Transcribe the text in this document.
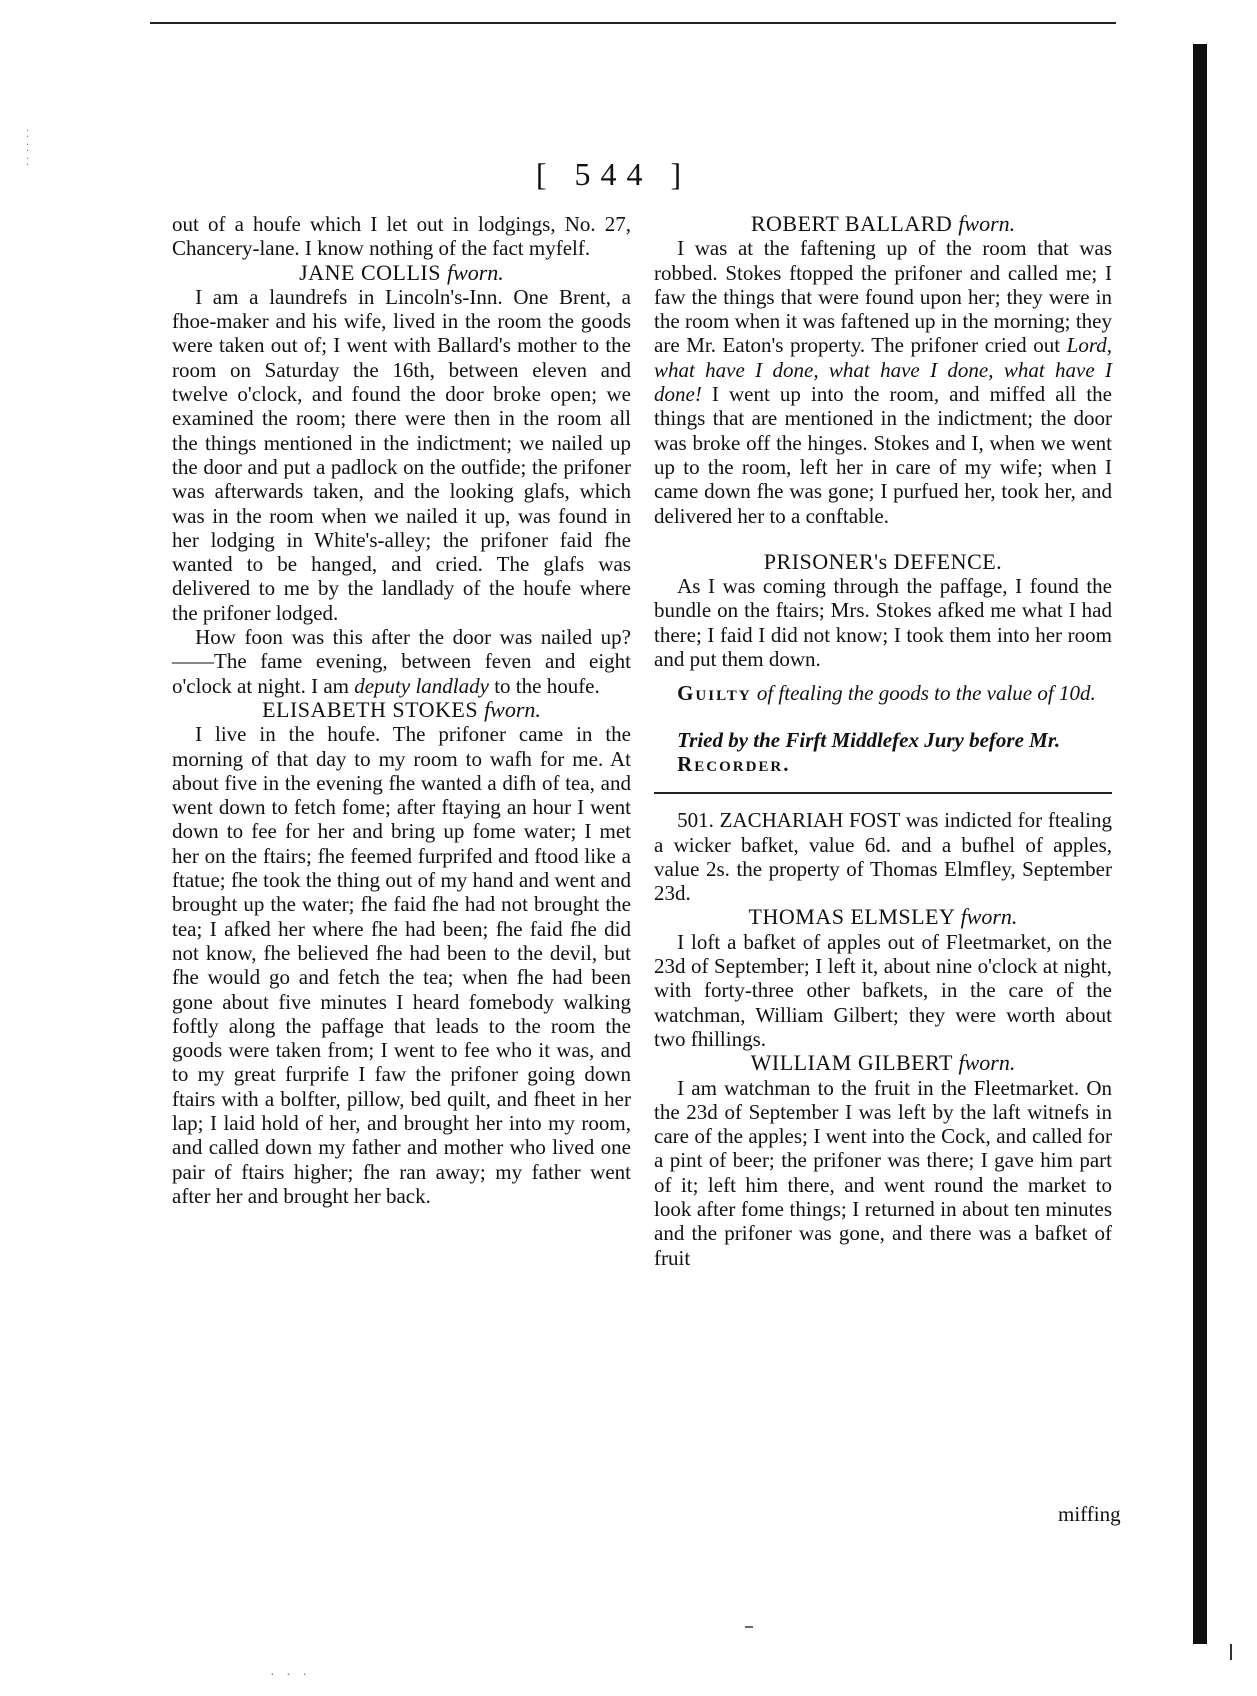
⁚
⁚
⁚	[ 544 ]

out of a houfe which I let out in lodgings, No. 27, Chancery-lane. I know nothing of the fact myfelf.

JANE COLLIS fworn.

I am a laundrefs in Lincoln's-Inn. One Brent, a fhoe-maker and his wife, lived in the room the goods were taken out of; I went with Ballard's mother to the room on Saturday the 16th, between eleven and twelve o'clock, and found the door broke open; we examined the room; there were then in the room all the things mentioned in the indictment; we nailed up the door and put a padlock on the outfide; the prifoner was afterwards taken, and the looking glafs, which was in the room when we nailed it up, was found in her lodging in White's-alley; the prifoner faid fhe wanted to be hanged, and cried. The glafs was delivered to me by the landlady of the houfe where the prifoner lodged.

How foon was this after the door was nailed up?——The fame evening, between feven and eight o'clock at night. I am deputy landlady to the houfe.

ELISABETH STOKES fworn.

I live in the houfe. The prifoner came in the morning of that day to my room to wafh for me. At about five in the evening fhe wanted a difh of tea, and went down to fetch fome; after ftaying an hour I went down to fee for her and bring up fome water; I met her on the ftairs; fhe feemed furprifed and ftood like a ftatue; fhe took the thing out of my hand and went and brought up the water; fhe faid fhe had not brought the tea; I afked her where fhe had been; fhe faid fhe did not know, fhe believed fhe had been to the devil, but fhe would go and fetch the tea; when fhe had been gone about five minutes I heard fomebody walking foftly along the paffage that leads to the room the goods were taken from; I went to fee who it was, and to my great furprife I faw the prifoner going down ftairs with a bolfter, pillow, bed quilt, and fheet in her lap; I laid hold of her, and brought her into my room, and called down my father and mother who lived one pair of ftairs higher; fhe ran away; my father went after her and brought her back.

ROBERT BALLARD fworn.

I was at the faftening up of the room that was robbed. Stokes ftopped the prifoner and called me; I faw the things that were found upon her; they were in the room when it was faftened up in the morning; they are Mr. Eaton's property. The prifoner cried out Lord, what have I done, what have I done, what have I done! I went up into the room, and miffed all the things that are mentioned in the indictment; the door was broke off the hinges. Stokes and I, when we went up to the room, left her in care of my wife; when I came down fhe was gone; I purfued her, took her, and delivered her to a conftable.

PRISONER's DEFENCE.

As I was coming through the paffage, I found the bundle on the ftairs; Mrs. Stokes afked me what I had there; I faid I did not know; I took them into her room and put them down.

Guilty of ftealing the goods to the value of 10d.

Tried by the Firft Middlefex Jury before Mr.

Recorder.

501. ZACHARIAH FOST was indicted for ftealing a wicker bafket, value 6d. and a bufhel of apples, value 2s. the property of Thomas Elmfley, September 23d.

THOMAS ELMSLEY fworn.

I loft a bafket of apples out of Fleetmarket, on the 23d of September; I left it, about nine o'clock at night, with forty-three other bafkets, in the care of the watchman, William Gilbert; they were worth about two fhillings.

WILLIAM GILBERT fworn.

I am watchman to the fruit in the Fleetmarket. On the 23d of September I was left by the laft witnefs in care of the apples; I went into the Cock, and called for a pint of beer; the prifoner was there; I gave him part of it; left him there, and went round the market to look after fome things; I returned in about ten minutes and the prifoner was gone, and there was a bafket of fruit

miffing
· · ·
